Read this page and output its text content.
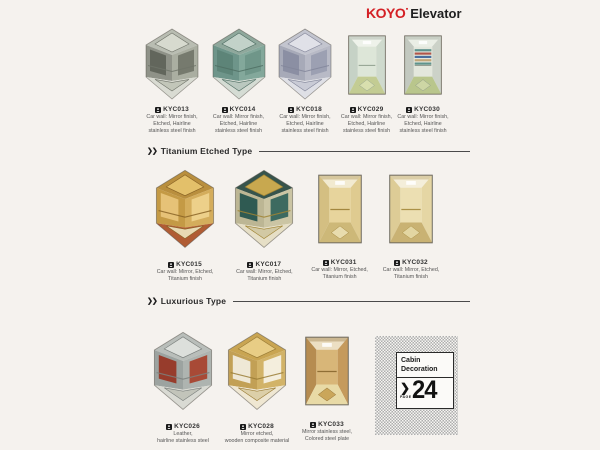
KOYO▪ Elevator
KYC013
Car wall: Mirror finish,
Etched, Hairline
stainless steel finish
KYC014
Car wall: Mirror finish,
Etched, Hairline
stainless steel finish
KYC018
Car wall: Mirror finish,
Etched, Hairline
stainless steel finish
KYC029
Car wall: Mirror finish,
Etched, Hairline
stainless steel finish
KYC030
Car wall: Mirror finish,
Etched, Hairline
stainless steel finish
❯❯ Titanium Etched Type
KYC015
Car wall: Mirror, Etched,
Titanium finish
KYC017
Car wall: Mirror, Etched,
Titanium finish
KYC031
Car wall: Mirror, Etched,
Titanium finish
KYC032
Car wall: Mirror, Etched,
Titanium finish
❯❯ Luxurious Type
KYC026
Leather,
hairline stainless steel
KYC028
Mirror etched,
wooden composite material
KYC033
Mirror stainless steel,
Colored steel plate
Cabin
Decoration
❯
PAGE 24
